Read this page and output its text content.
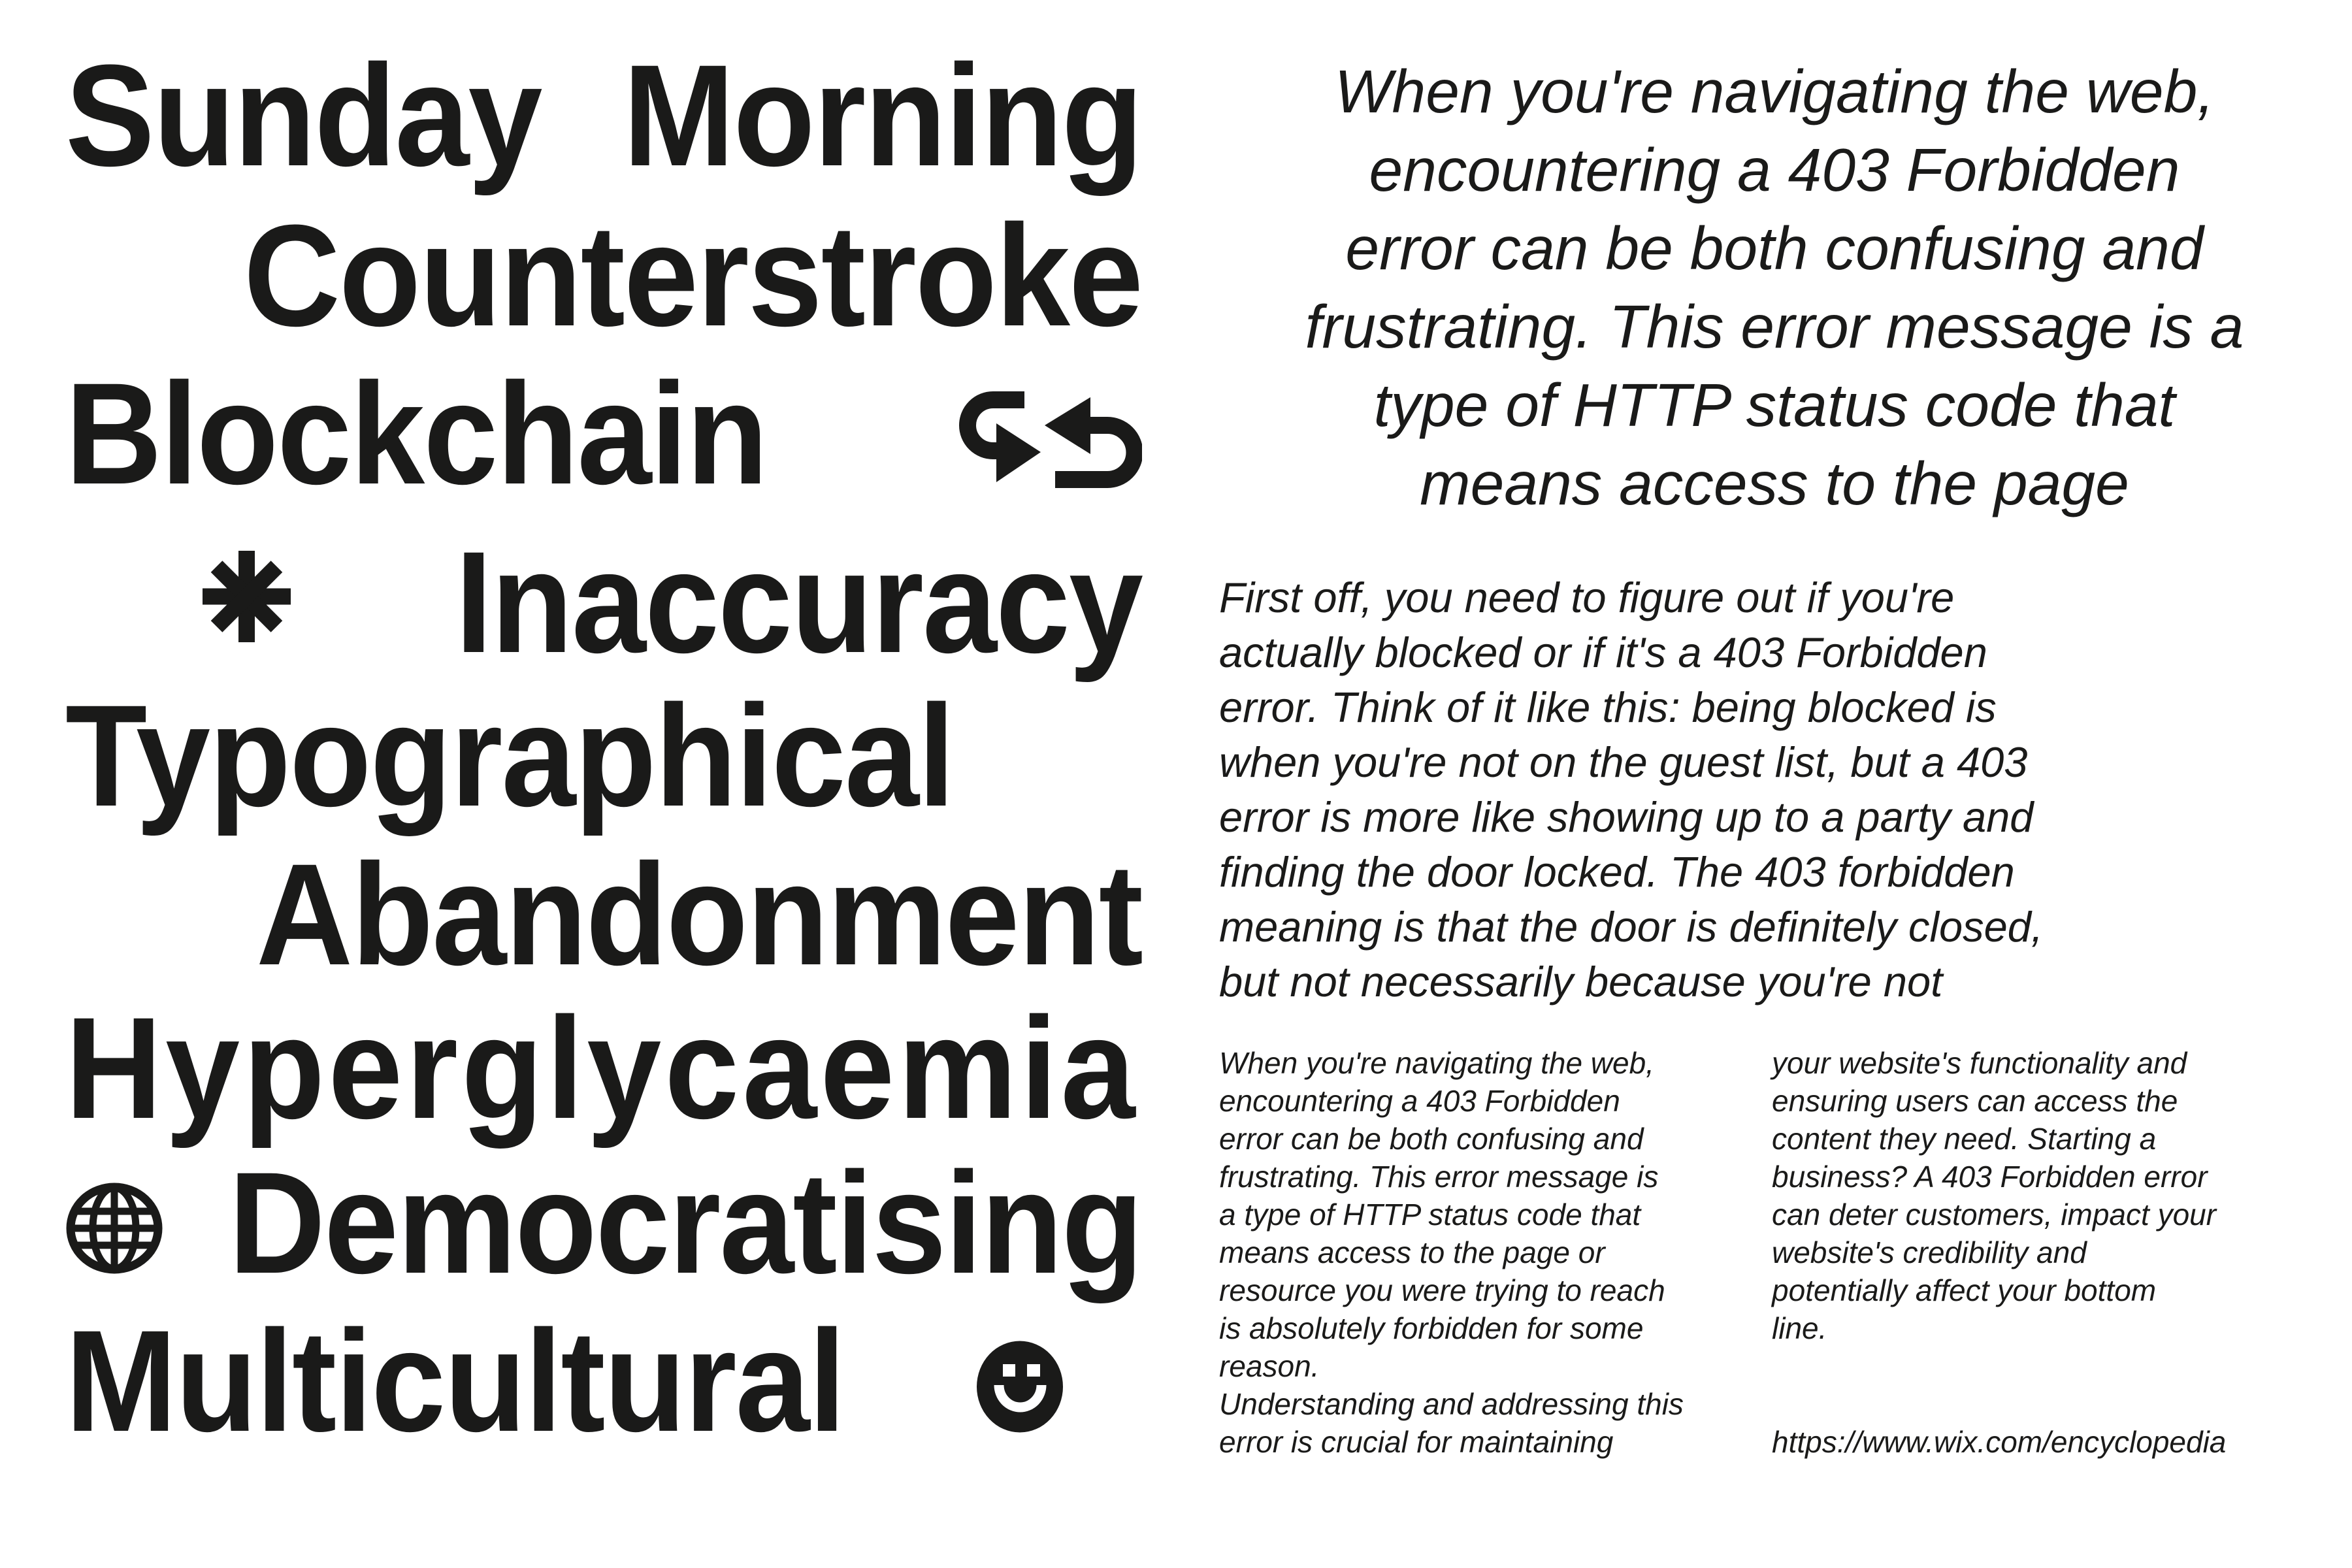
Sunday Morning
Counterstroke
Blockchain
Inaccuracy
Typographical
Abandonment
Hyperglycaemia
Democratising
Multicultural
When you're navigating the web,
encountering a 403 Forbidden
error can be both confusing and
frustrating. This error message is a
type of HTTP status code that
means access to the page
First off, you need to figure out if you're
actually blocked or if it's a 403 Forbidden
error. Think of it like this: being blocked is
when you're not on the guest list, but a 403
error is more like showing up to a party and
finding the door locked. The 403 forbidden
meaning is that the door is definitely closed,
but not necessarily because you're not
When you're navigating the web,
encountering a 403 Forbidden
error can be both confusing and
frustrating. This error message is
a type of HTTP status code that
means access to the page or
resource you were trying to reach
is absolutely forbidden for some
reason.
Understanding and addressing this
error is crucial for maintaining
your website's functionality and
ensuring users can access the
content they need. Starting a
business? A 403 Forbidden error
can deter customers, impact your
website's credibility and
potentially affect your bottom
line.
https://www.wix.com/encyclopedia
